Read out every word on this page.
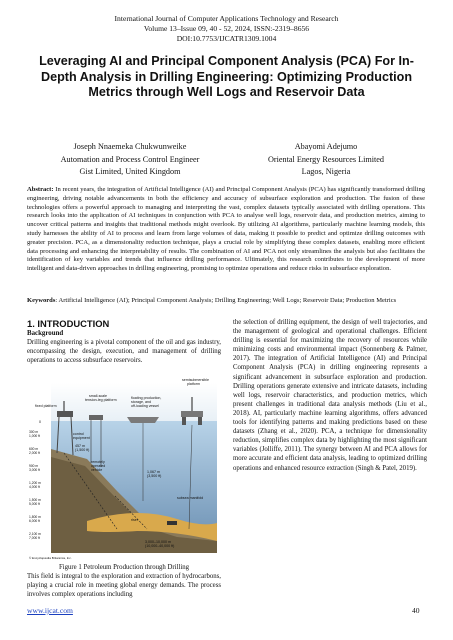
International Journal of Computer Applications Technology and Research
Volume 13–Issue 09, 40 - 52, 2024, ISSN:-2319–8656
DOI:10.7753/IJCATR1309.1004
Leveraging AI and Principal Component Analysis (PCA) For In-Depth Analysis in Drilling Engineering: Optimizing Production Metrics through Well Logs and Reservoir Data
Joseph Nnaemeka Chukwunweike
Automation and Process Control Engineer
Gist Limited, United Kingdom
Abayomi Adejumo
Oriental Energy Resources Limited
Lagos, Nigeria
Abstract: In recent years, the integration of Artificial Intelligence (AI) and Principal Component Analysis (PCA) has significantly transformed drilling engineering, driving notable advancements in both the efficiency and accuracy of subsurface exploration and production. The fusion of these technologies offers a powerful approach to managing and interpreting the vast, complex datasets typically associated with drilling operations. This research looks into the application of AI techniques in conjunction with PCA to analyse well logs, reservoir data, and production metrics, aiming to uncover critical patterns and insights that traditional methods might overlook. By utilizing AI algorithms, particularly machine learning models, this study harnesses the ability of AI to process and learn from large volumes of data, making it possible to predict and optimize drilling outcomes with greater precision. PCA, as a dimensionality reduction technique, plays a crucial role by simplifying these complex datasets, enabling more efficient data processing and enhancing the interpretability of results. The combination of AI and PCA not only streamlines the analysis but also facilitates the identification of key variables and trends that influence drilling performance. Ultimately, this research contributes to the development of more intelligent and data-driven approaches in drilling engineering, promising to optimize operations and reduce risks in subsurface exploration.
Keywords: Artificial Intelligence (AI); Principal Component Analysis; Drilling Engineering; Well Logs; Reservoir Data; Production Metrics
1. INTRODUCTION
Background
Drilling engineering is a pivotal component of the oil and gas industry, encompassing the design, execution, and management of drilling operations to access subsurface reservoirs.
small-scale
tension-leg platform
fixed platform
floating production,
storage, and
off-loading vessel
semisubmersible
platform
control
equipment
457 m
(1,500 ft)
remotely
operated
vehicle	1,067 m
(3,500 ft)
subsea manifold
riser
3,000–10,000 m
(10,000–40,000 ft)
© Encyclopædia Britannica, Inc.
0
300 m
1,000 ft
600 m
2,000 ft
900 m
3,000 ft
1,200 m
4,000 ft
1,500 m
5,000 ft
1,800 m
6,000 ft
2,100 m
7,000 ft
Figure 1 Petroleum Production through Drilling
This field is integral to the exploration and extraction of hydrocarbons, playing a crucial role in meeting global energy demands. The process involves complex operations including
the selection of drilling equipment, the design of well trajectories, and the management of geological and operational challenges. Efficient drilling is essential for maximizing the recovery of resources while minimizing costs and environmental impact (Sonnenberg & Palmer, 2017). The integration of Artificial Intelligence (AI) and Principal Component Analysis (PCA) in drilling engineering represents a significant advancement in subsurface exploration and production. Drilling operations generate extensive and intricate datasets, including well logs, reservoir characteristics, and production metrics, which present challenges in traditional data analysis methods (Liu et al., 2018). AI, particularly machine learning algorithms, offers advanced tools for identifying patterns and making predictions based on these datasets (Zhang et al., 2020). PCA, a technique for dimensionality reduction, simplifies complex data by highlighting the most significant variables (Jolliffe, 2011). The synergy between AI and PCA allows for more accurate and efficient data analysis, leading to optimized drilling operations and enhanced resource extraction (Singh & Patel, 2019).
www.ijcat.com	40
